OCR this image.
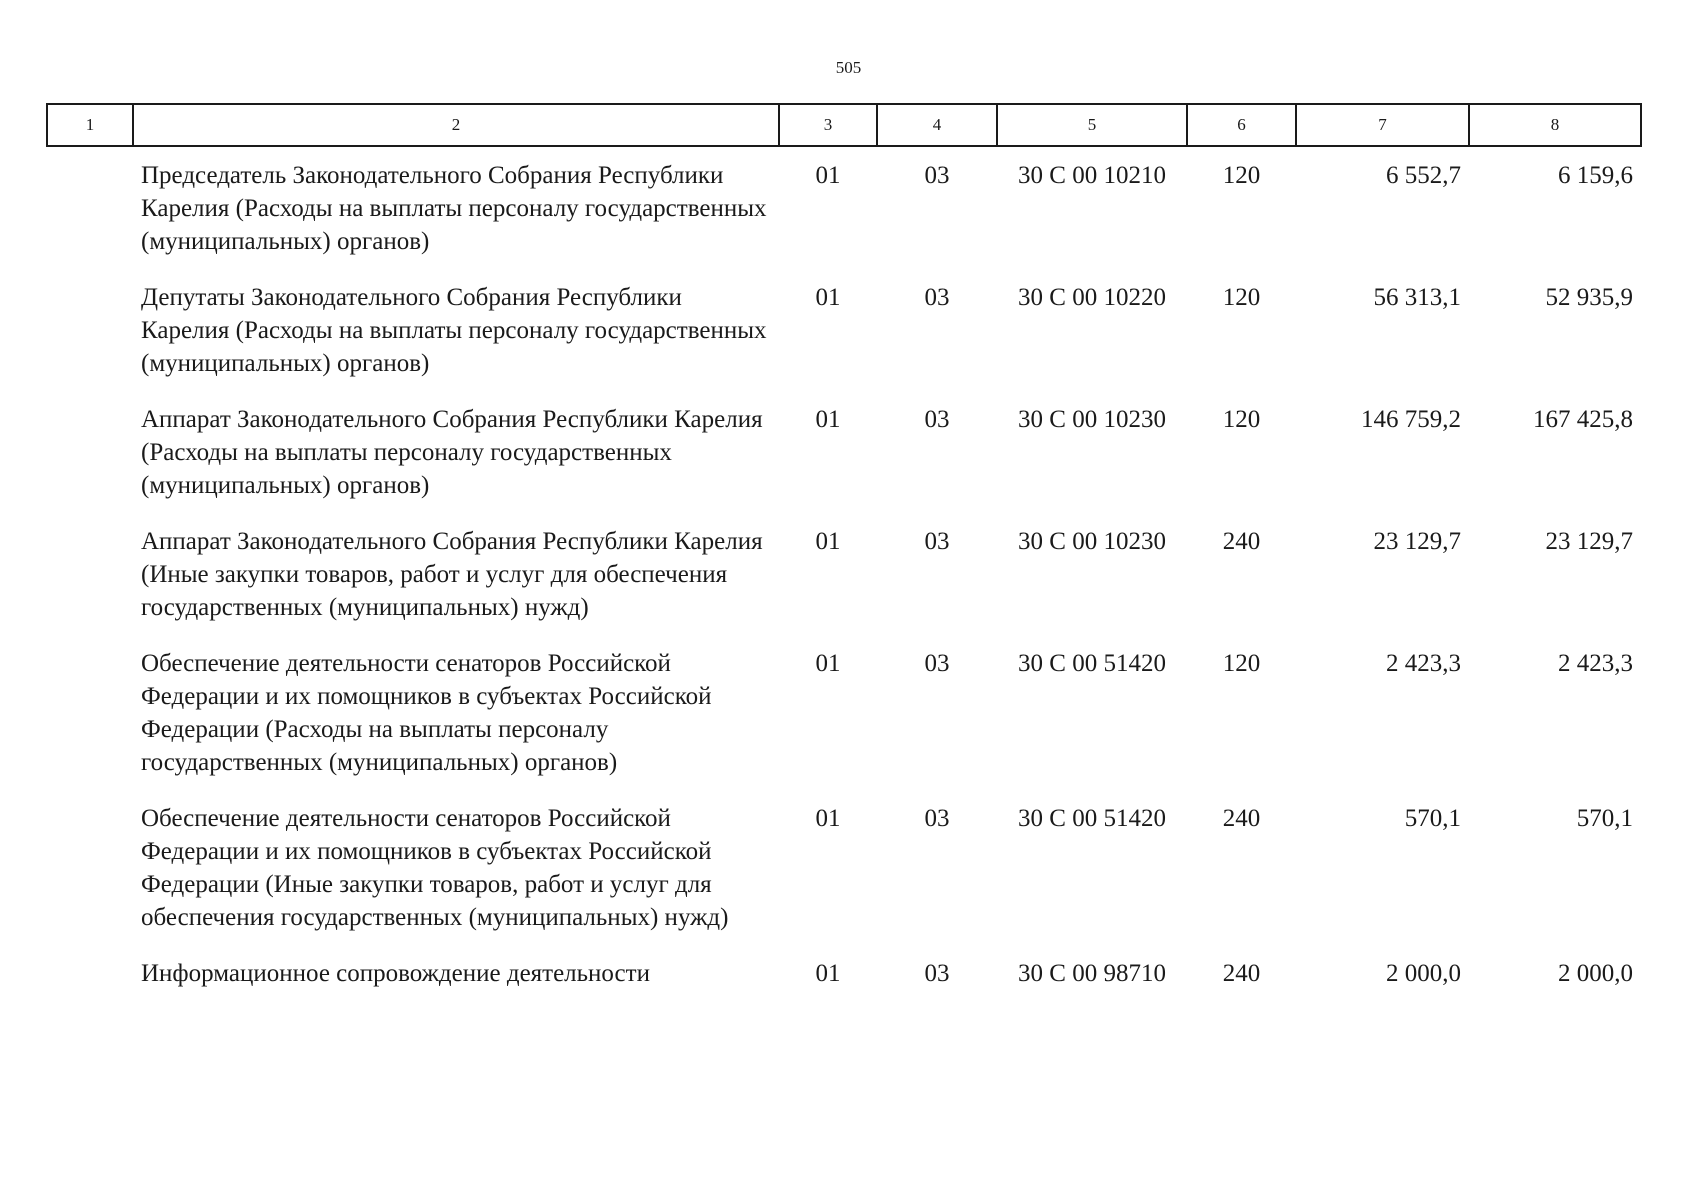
505
1	2	3	4	5	6	7	8
	Председатель Законодательного Собрания Республики Карелия (Расходы на выплаты персоналу государственных (муниципальных) органов)	01	03	30 С 00 10210	120	6 552,7	6 159,6
	Депутаты Законодательного Собрания Республики Карелия (Расходы на выплаты персоналу государственных (муниципальных) органов)	01	03	30 С 00 10220	120	56 313,1	52 935,9
	Аппарат Законодательного Собрания Республики Карелия (Расходы на выплаты персоналу государственных (муниципальных) органов)	01	03	30 С 00 10230	120	146 759,2	167 425,8
	Аппарат Законодательного Собрания Республики Карелия (Иные закупки товаров, работ и услуг для обеспечения государственных (муниципальных) нужд)	01	03	30 С 00 10230	240	23 129,7	23 129,7
	Обеспечение деятельности сенаторов Российской Федерации и их помощников в субъектах Российской Федерации (Расходы на выплаты персоналу государственных (муниципальных) органов)	01	03	30 С 00 51420	120	2 423,3	2 423,3
	Обеспечение деятельности сенаторов Российской Федерации и их помощников в субъектах Российской Федерации (Иные закупки товаров, работ и услуг для обеспечения государственных (муниципальных) нужд)	01	03	30 С 00 51420	240	570,1	570,1
	Информационное сопровождение деятельности	01	03	30 С 00 98710	240	2 000,0	2 000,0
